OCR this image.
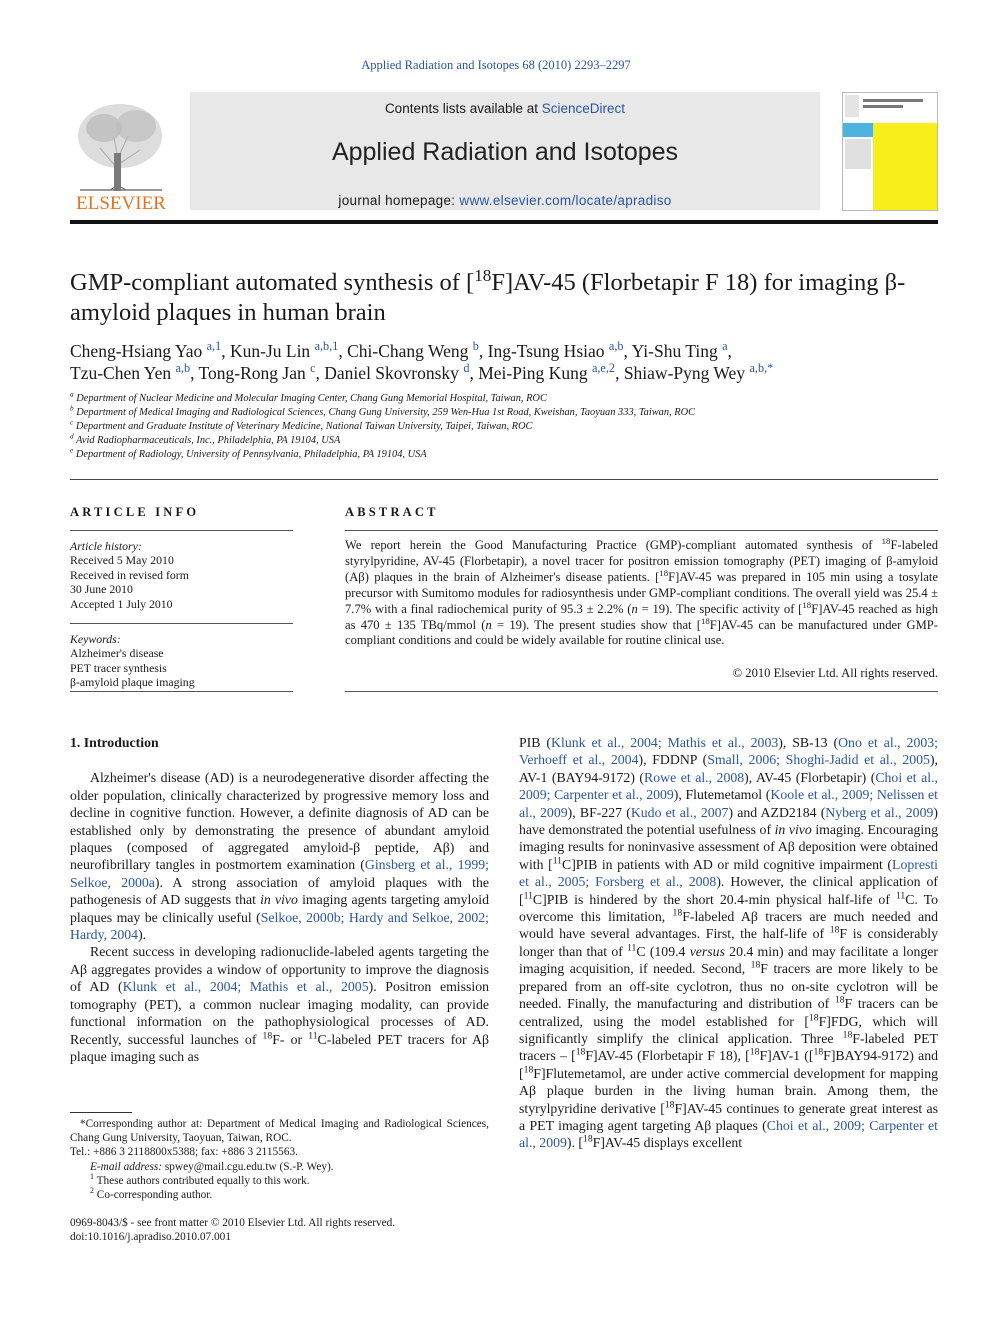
Applied Radiation and Isotopes 68 (2010) 2293–2297
ELSEVIER
Contents lists available at ScienceDirect
Applied Radiation and Isotopes
journal homepage: www.elsevier.com/locate/apradiso
GMP-compliant automated synthesis of [$^{18}$F]AV-45 (Florbetapir F 18) for imaging β-amyloid plaques in human brain
Cheng-Hsiang Yao $^{a,1}$, Kun-Ju Lin $^{a,b,1}$, Chi-Chang Weng $^b$, Ing-Tsung Hsiao $^{a,b}$, Yi-Shu Ting $^a$,
Tzu-Chen Yen $^{a,b}$, Tong-Rong Jan $^c$, Daniel Skovronsky $^d$, Mei-Ping Kung $^{a,e,2}$, Shiaw-Pyng Wey $^{a,b,*}$
$^a$ Department of Nuclear Medicine and Molecular Imaging Center, Chang Gung Memorial Hospital, Taiwan, ROC
$^b$ Department of Medical Imaging and Radiological Sciences, Chang Gung University, 259 Wen-Hua 1st Road, Kweishan, Taoyuan 333, Taiwan, ROC
$^c$ Department and Graduate Institute of Veterinary Medicine, National Taiwan University, Taipei, Taiwan, ROC
$^d$ Avid Radiopharmaceuticals, Inc., Philadelphia, PA 19104, USA
$^e$ Department of Radiology, University of Pennsylvania, Philadelphia, PA 19104, USA
ARTICLE INFO
Article history:
Received 5 May 2010
Received in revised form
30 June 2010
Accepted 1 July 2010
Keywords:
Alzheimer's disease
PET tracer synthesis
β-amyloid plaque imaging
ABSTRACT
We report herein the Good Manufacturing Practice (GMP)-compliant automated synthesis of $^{18}$F-labeled styrylpyridine, AV-45 (Florbetapir), a novel tracer for positron emission tomography (PET) imaging of β-amyloid (Aβ) plaques in the brain of Alzheimer's disease patients. [$^{18}$F]AV-45 was prepared in 105 min using a tosylate precursor with Sumitomo modules for radiosynthesis under GMP-compliant conditions. The overall yield was 25.4 ± 7.7% with a final radiochemical purity of 95.3 ± 2.2% (n = 19). The specific activity of [$^{18}$F]AV-45 reached as high as 470 ± 135 TBq/mmol (n = 19). The present studies show that [$^{18}$F]AV-45 can be manufactured under GMP-compliant conditions and could be widely available for routine clinical use.
© 2010 Elsevier Ltd. All rights reserved.
1. Introduction
Alzheimer's disease (AD) is a neurodegenerative disorder affecting the older population, clinically characterized by progressive memory loss and decline in cognitive function. However, a definite diagnosis of AD can be established only by demonstrating the presence of abundant amyloid plaques (composed of aggregated amyloid-β peptide, Aβ) and neurofibrillary tangles in postmortem examination (Ginsberg et al., 1999; Selkoe, 2000a). A strong association of amyloid plaques with the pathogenesis of AD suggests that in vivo imaging agents targeting amyloid plaques may be clinically useful (Selkoe, 2000b; Hardy and Selkoe, 2002; Hardy, 2004).
Recent success in developing radionuclide-labeled agents targeting the Aβ aggregates provides a window of opportunity to improve the diagnosis of AD (Klunk et al., 2004; Mathis et al., 2005). Positron emission tomography (PET), a common nuclear imaging modality, can provide functional information on the pathophysiological processes of AD. Recently, successful launches of $^{18}$F- or $^{11}$C-labeled PET tracers for Aβ plaque imaging such as
*Corresponding author at: Department of Medical Imaging and Radiological Sciences, Chang Gung University, Taoyuan, Taiwan, ROC.
Tel.: +886 3 2118800x5388; fax: +886 3 2115563.
E-mail address: spwey@mail.cgu.edu.tw (S.-P. Wey).
$^1$ These authors contributed equally to this work.
$^2$ Co-corresponding author.
0969-8043/$ - see front matter © 2010 Elsevier Ltd. All rights reserved.
doi:10.1016/j.apradiso.2010.07.001
PIB (Klunk et al., 2004; Mathis et al., 2003), SB-13 (Ono et al., 2003; Verhoeff et al., 2004), FDDNP (Small, 2006; Shoghi-Jadid et al., 2005), AV-1 (BAY94-9172) (Rowe et al., 2008), AV-45 (Florbetapir) (Choi et al., 2009; Carpenter et al., 2009), Flutemetamol (Koole et al., 2009; Nelissen et al., 2009), BF-227 (Kudo et al., 2007) and AZD2184 (Nyberg et al., 2009) have demonstrated the potential usefulness of in vivo imaging. Encouraging imaging results for noninvasive assessment of Aβ deposition were obtained with [$^{11}$C]PIB in patients with AD or mild cognitive impairment (Lopresti et al., 2005; Forsberg et al., 2008). However, the clinical application of [$^{11}$C]PIB is hindered by the short 20.4-min physical half-life of $^{11}$C. To overcome this limitation, $^{18}$F-labeled Aβ tracers are much needed and would have several advantages. First, the half-life of $^{18}$F is considerably longer than that of $^{11}$C (109.4 versus 20.4 min) and may facilitate a longer imaging acquisition, if needed. Second, $^{18}$F tracers are more likely to be prepared from an off-site cyclotron, thus no on-site cyclotron will be needed. Finally, the manufacturing and distribution of $^{18}$F tracers can be centralized, using the model established for [$^{18}$F]FDG, which will significantly simplify the clinical application. Three $^{18}$F-labeled PET tracers – [$^{18}$F]AV-45 (Florbetapir F 18), [$^{18}$F]AV-1 ([$^{18}$F]BAY94-9172) and [$^{18}$F]Flutemetamol, are under active commercial development for mapping Aβ plaque burden in the living human brain. Among them, the styrylpyridine derivative [$^{18}$F]AV-45 continues to generate great interest as a PET imaging agent targeting Aβ plaques (Choi et al., 2009; Carpenter et al., 2009). [$^{18}$F]AV-45 displays excellent
